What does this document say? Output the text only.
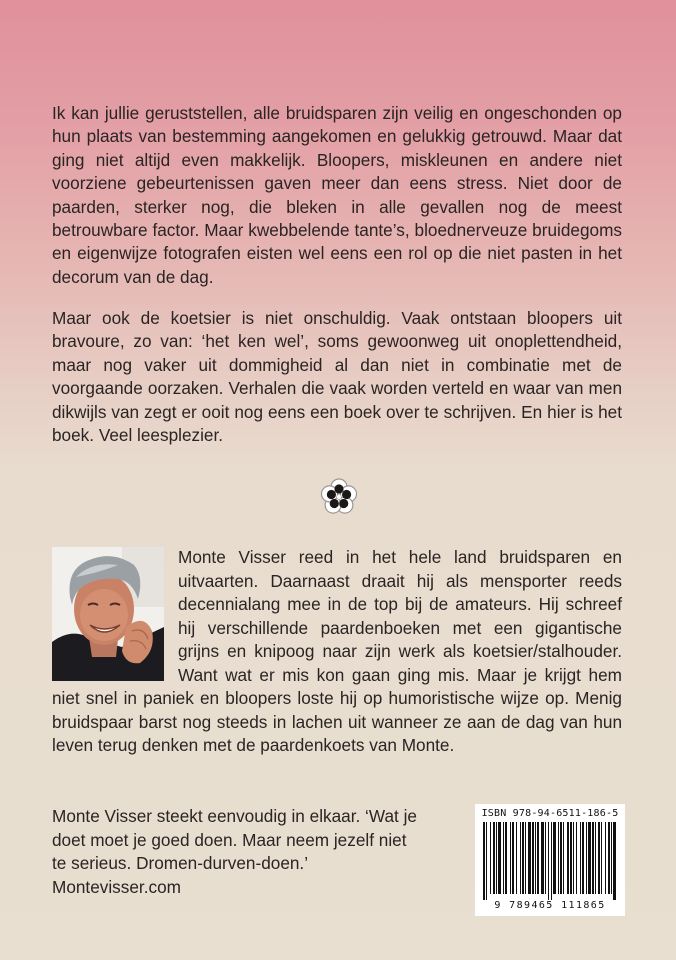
Ik kan jullie geruststellen, alle bruidsparen zijn veilig en ongeschonden op hun plaats van bestemming aangekomen en gelukkig getrouwd. Maar dat ging niet altijd even makkelijk. Bloopers, miskleunen en andere niet voorziene gebeurtenissen gaven meer dan eens stress. Niet door de paarden, sterker nog, die bleken in alle gevallen nog de meest betrouwbare factor. Maar kwebbelende tante’s, bloednerveuze bruidegoms en eigenwijze fotografen eisten wel eens een rol op die niet pasten in het decorum van de dag.

Maar ook de koetsier is niet onschuldig. Vaak ontstaan bloopers uit bravoure, zo van: ‘het ken wel’, soms gewoonweg uit onoplettendheid, maar nog vaker uit dommigheid al dan niet in combinatie met de voorgaande oorzaken. Verhalen die vaak worden verteld en waar van men dikwijls van zegt er ooit nog eens een boek over te schrijven. En hier is het boek. Veel leesplezier.

Monte Visser reed in het hele land bruidsparen en uitvaarten. Daarnaast draait hij als mensporter reeds decennialang mee in de top bij de amateurs. Hij schreef hij verschillende paardenboeken met een gigantische grijns en knipoog naar zijn werk als koetsier/stalhouder. Want wat er mis kon gaan ging mis. Maar je krijgt hem niet snel in paniek en bloopers loste hij op humoristische wijze op. Menig bruidspaar barst nog steeds in lachen uit wanneer ze aan de dag van hun leven terug denken met de paardenkoets van Monte.

Monte Visser steekt eenvoudig in elkaar. ‘Wat je
doet moet je goed doen. Maar neem jezelf niet
te serieus. Dromen-durven-doen.’
Montevisser.com

ISBN 978-94-6511-186-5
9 789465 111865
